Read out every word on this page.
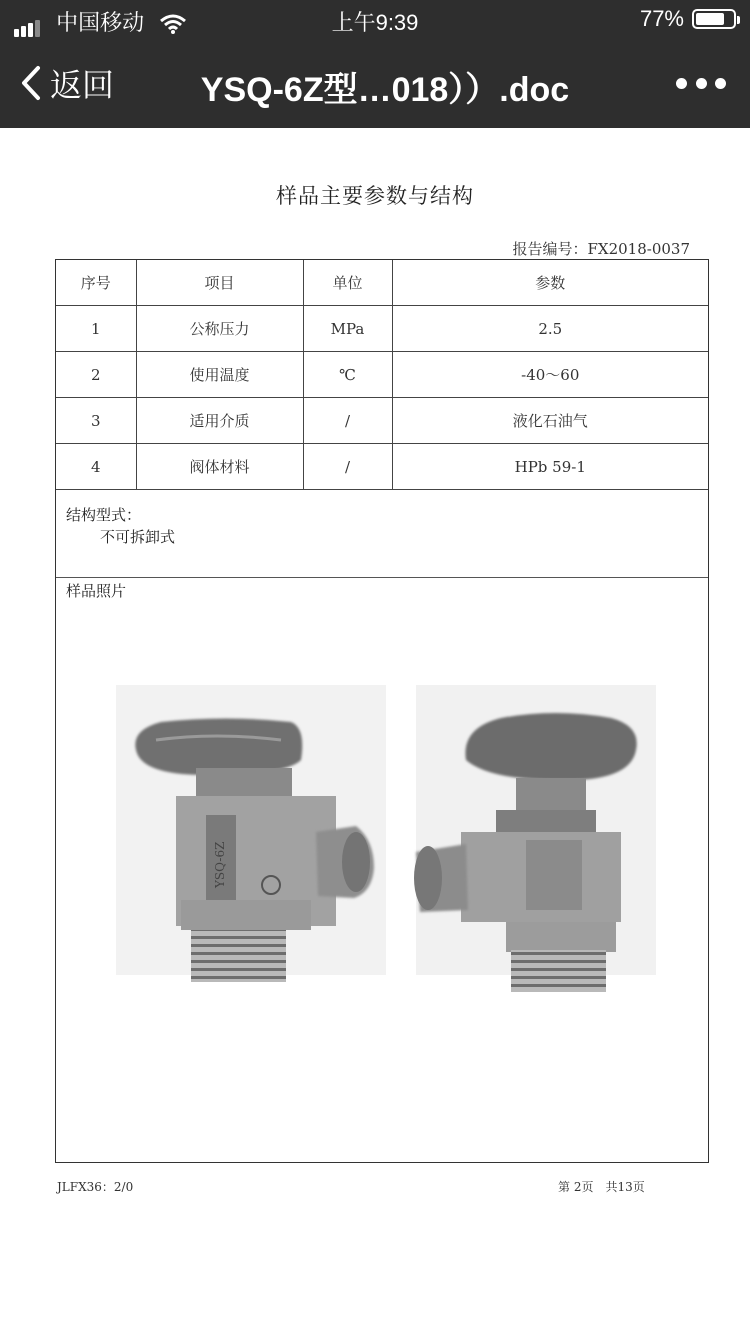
中国移动	上午9:39	77%
返回	YSQ-6Z型…018））.doc
样品主要参数与结构
报告编号：FX2018-0037
序号	项目	单位	参数
1	公称压力	MPa	2.5
2	使用温度	℃	-40～60
3	适用介质	/	液化石油气
4	阀体材料	/	HPb 59-1
结构型式：
不可拆卸式
样品照片
YSQ-6Z
JLFX36：2/0	第 2页　共13页
